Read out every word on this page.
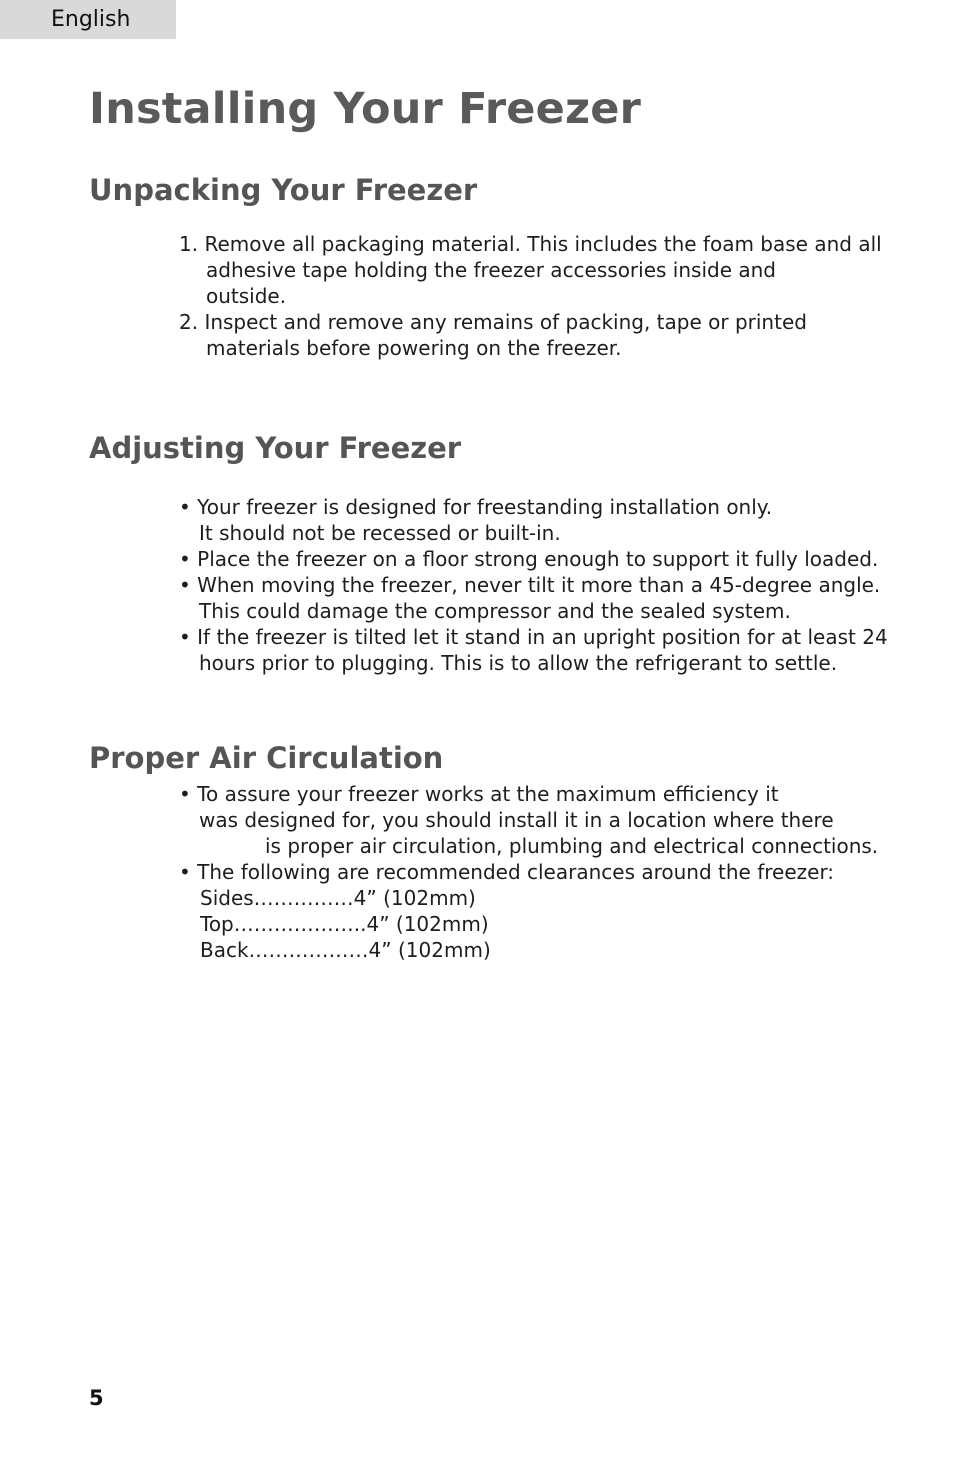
English
Installing Your Freezer
Unpacking Your Freezer
1. Remove all packaging material. This includes the foam base and all
adhesive tape holding the freezer accessories inside and
outside.
2. Inspect and remove any remains of packing, tape or printed
materials before powering on the freezer.
Adjusting Your Freezer
• Your freezer is designed for freestanding installation only.
It should not be recessed or built-in.
• Place the freezer on a floor strong enough to support it fully loaded.
• When moving the freezer, never tilt it more than a 45-degree angle.
This could damage the compressor and the sealed system.
• If the freezer is tilted let it stand in an upright position for at least 24
hours prior to plugging. This is to allow the refrigerant to settle.
Proper Air Circulation
• To assure your freezer works at the maximum efficiency it
was designed for, you should install it in a location where there
is proper air circulation, plumbing and electrical connections.
• The following are recommended clearances around the freezer:
Sides……………4” (102mm)
Top………………..4” (102mm)
Back………………4” (102mm)
5
